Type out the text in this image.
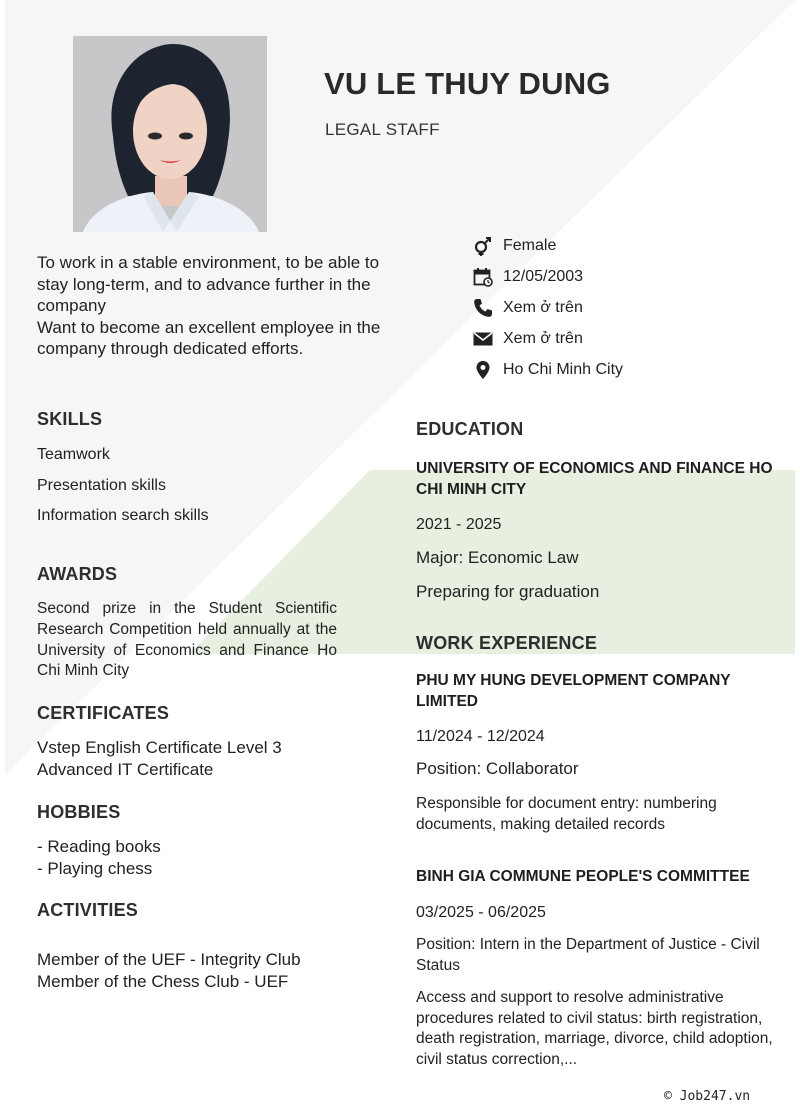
VU LE THUY DUNG
LEGAL STAFF

To work in a stable environment, to be able to stay long-term, and to advance further in the company

Want to become an excellent employee in the company through dedicated efforts.

Female
12/05/2003
Xem ở trên
Xem ở trên
Ho Chi Minh City
SKILLS
Teamwork
Presentation skills
Information search skills
AWARDS
Second prize in the Student Scientific Research Competition held annually at the University of Economics and Finance Ho Chi Minh City
CERTIFICATES
Vstep English Certificate Level 3
Advanced IT Certificate
HOBBIES
- Reading books
- Playing chess
ACTIVITIES
Member of the UEF - Integrity Club
Member of the Chess Club - UEF
EDUCATION
UNIVERSITY OF ECONOMICS AND FINANCE HO CHI MINH CITY
2021 - 2025
Major: Economic Law
Preparing for graduation
WORK EXPERIENCE
PHU MY HUNG DEVELOPMENT COMPANY LIMITED
11/2024 - 12/2024
Position: Collaborator
Responsible for document entry: numbering documents, making detailed records
BINH GIA COMMUNE PEOPLE'S COMMITTEE
03/2025 - 06/2025
Position: Intern in the Department of Justice - Civil Status
Access and support to resolve administrative procedures related to civil status: birth registration, death registration, marriage, divorce, child adoption, civil status correction,...
© Job247.vn
